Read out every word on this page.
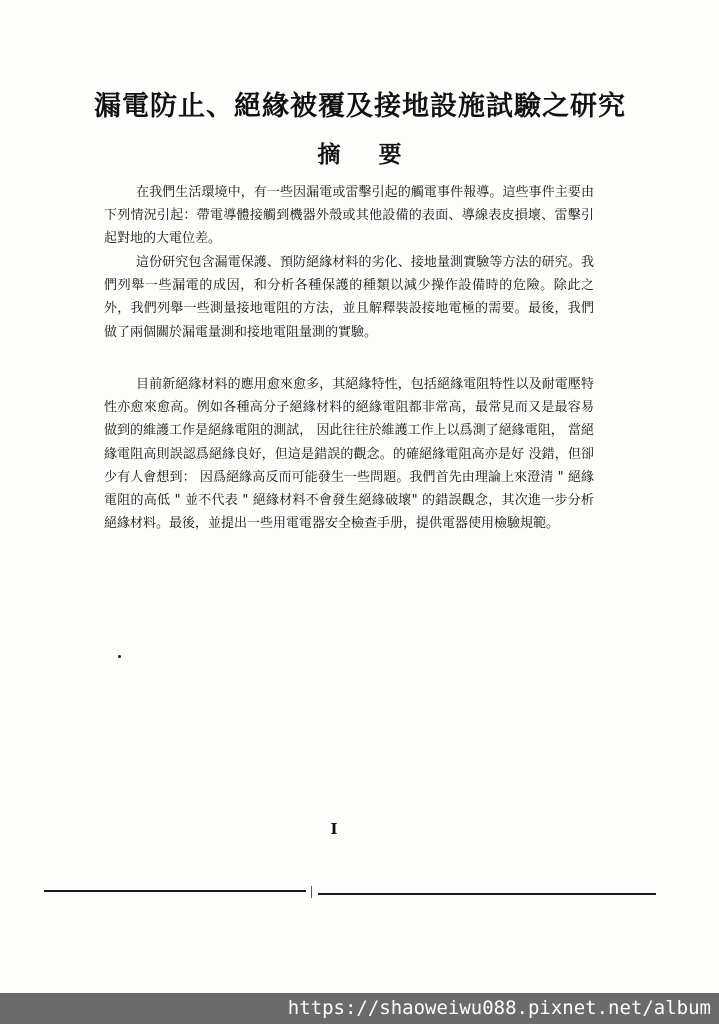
漏電防止、絕緣被覆及接地設施試驗之研究
摘要

在我們生活環境中，有一些因漏電或雷擊引起的觸電事件報導。這些事件主要由下列情況引起：帶電導體接觸到機器外殼或其他設備的表面、導線表皮損壞、雷擊引起對地的大電位差。

這份研究包含漏電保護、預防絕緣材料的劣化、接地量測實驗等方法的研究。我們列舉一些漏電的成因，和分析各種保護的種類以減少操作設備時的危險。除此之外，我們列舉一些測量接地電阻的方法，並且解釋裝設接地電極的需要。最後，我們做了兩個關於漏電量測和接地電阻量測的實驗。

目前新絕緣材料的應用愈來愈多，其絕緣特性，包括絕緣電阻特性以及耐電壓特性亦愈來愈高。例如各種高分子絕緣材料的絕緣電阻都非常高，最常見而又是最容易做到的維護工作是絕緣電阻的測試， 因此往往於維護工作上以爲測了絕緣電阻， 當絕緣電阻高則誤認爲絕緣良好，但這是錯誤的觀念。的確絕緣電阻高亦是好 没錯，但卻少有人會想到： 因爲絕緣高反而可能發生一些問題。我們首先由理論上來澄清 " 絕緣電阻的高低 " 並不代表 " 絕緣材料不會發生絕緣破壞" 的錯誤觀念，其次進一步分析絕緣材料。最後，並提出一些用電電器安全檢查手册，提供電器使用檢驗規範。

I
https://shaoweiwu088.pixnet.net/album
